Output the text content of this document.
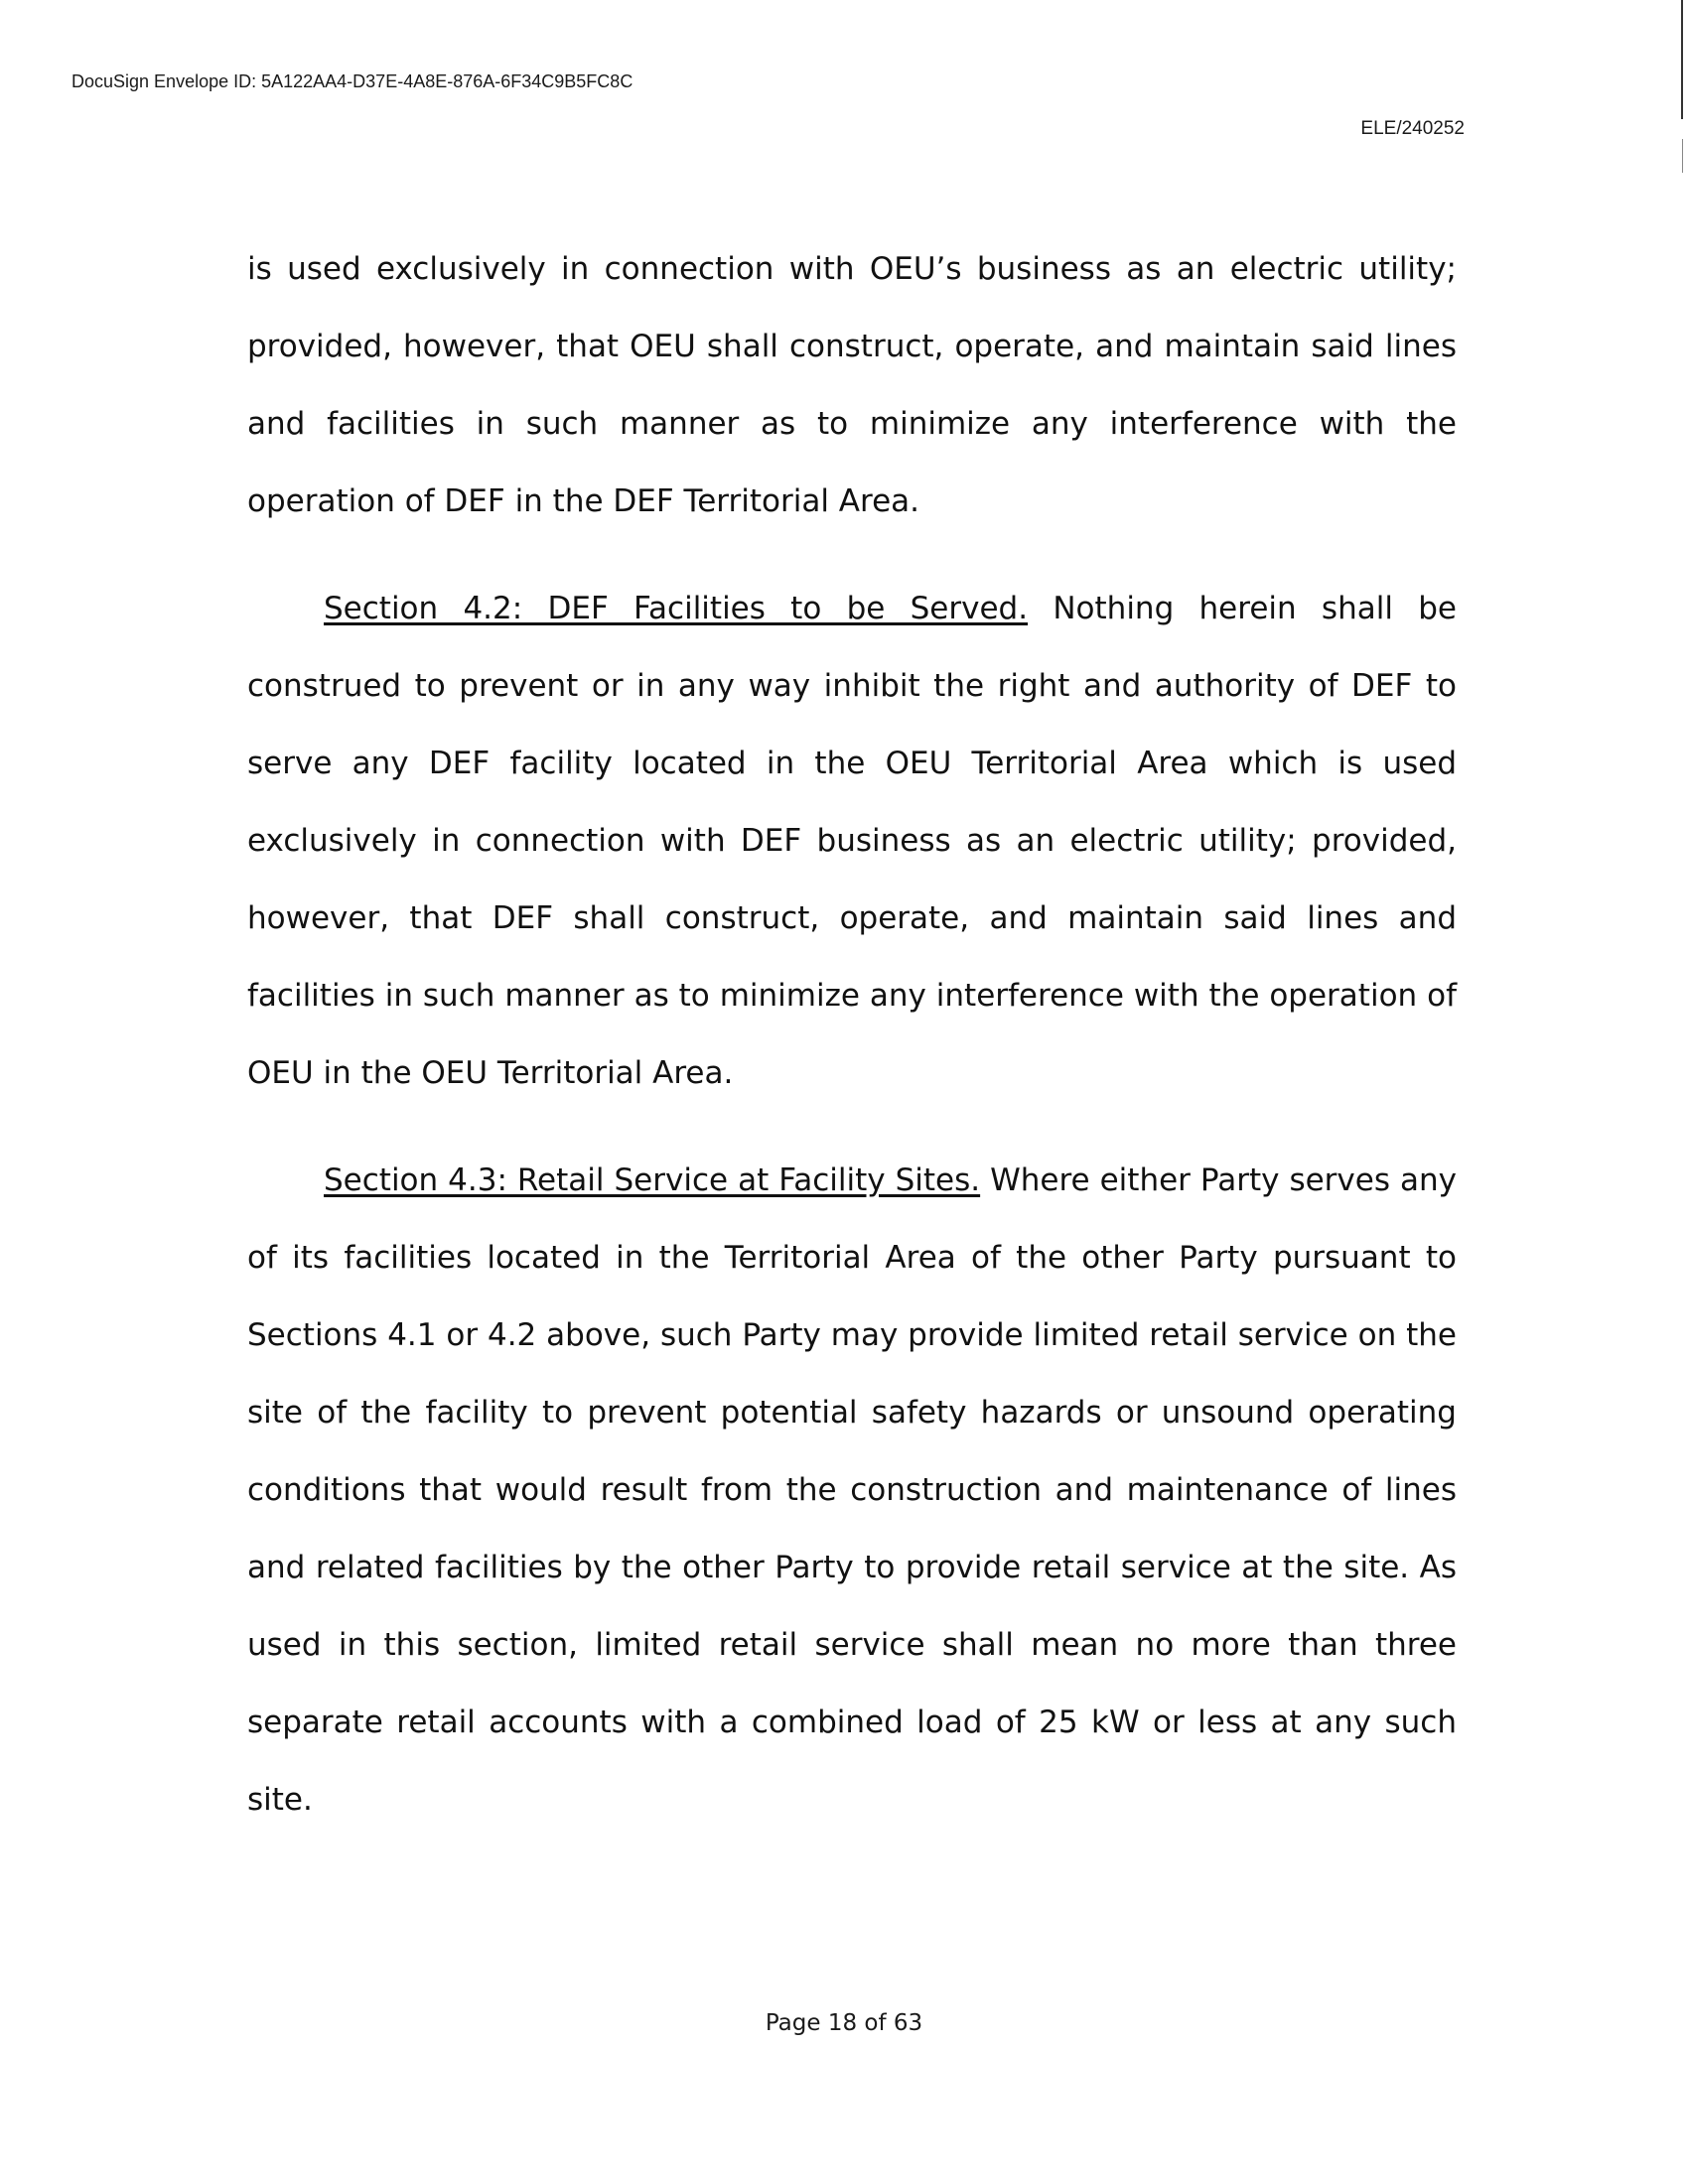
DocuSign Envelope ID: 5A122AA4-D37E-4A8E-876A-6F34C9B5FC8C
ELE/240252

is used exclusively in connection with OEU’s business as an electric utility; provided, however, that OEU shall construct, operate, and maintain said lines and facilities in such manner as to minimize any interference with the operation of DEF in the DEF Territorial Area.

Section 4.2: DEF Facilities to be Served. Nothing herein shall be construed to prevent or in any way inhibit the right and authority of DEF to serve any DEF facility located in the OEU Territorial Area which is used exclusively in connection with DEF business as an electric utility; provided, however, that DEF shall construct, operate, and maintain said lines and facilities in such manner as to minimize any interference with the operation of OEU in the OEU Territorial Area.

Section 4.3: Retail Service at Facility Sites. Where either Party serves any of its facilities located in the Territorial Area of the other Party pursuant to Sections 4.1 or 4.2 above, such Party may provide limited retail service on the site of the facility to prevent potential safety hazards or unsound operating conditions that would result from the construction and maintenance of lines and related facilities by the other Party to provide retail service at the site. As used in this section, limited retail service shall mean no more than three separate retail accounts with a combined load of 25 kW or less at any such site.

Page 18 of 63
